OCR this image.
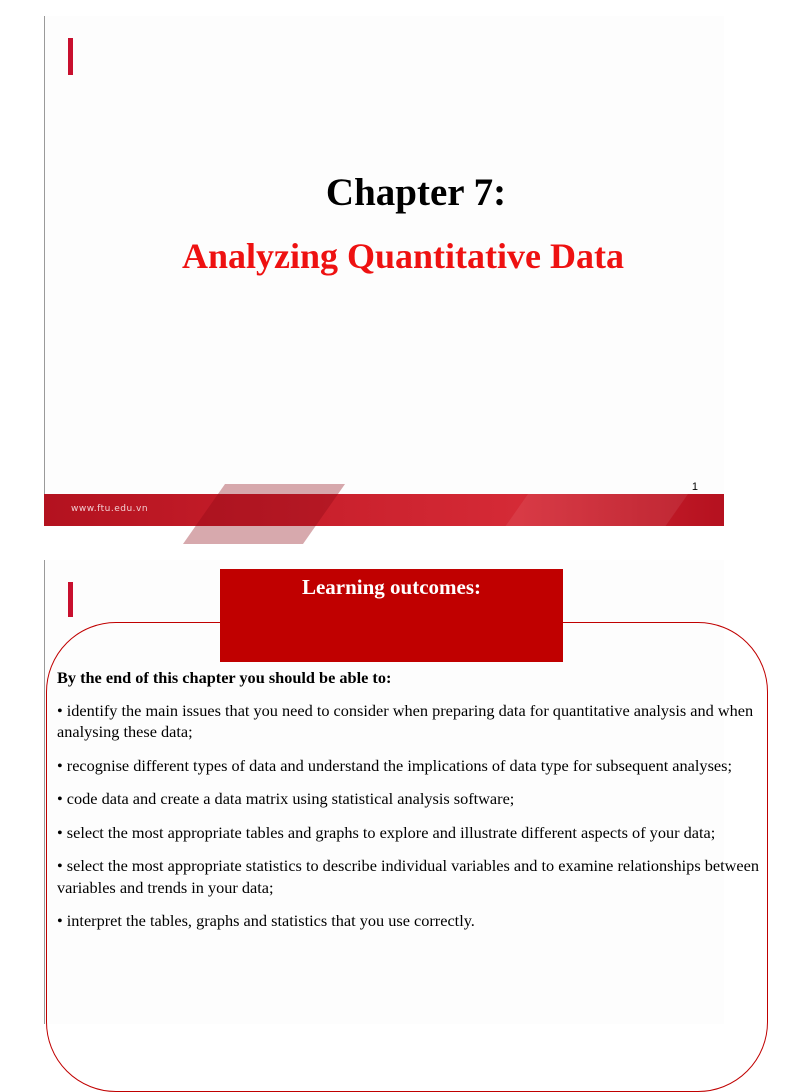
Chapter 7:
Analyzing Quantitative Data
www.ftu.edu.vn
1
Learning outcomes:

By the end of this chapter you should be able to:

• identify the main issues that you need to consider when preparing data for quantitative analysis and when analysing these data;

• recognise different types of data and understand the implications of data type for subsequent analyses;

• code data and create a data matrix using statistical analysis software;

• select the most appropriate tables and graphs to explore and illustrate different aspects of your data;

• select the most appropriate statistics to describe individual variables and to examine relationships between variables and trends in your data;

• interpret the tables, graphs and statistics that you use correctly.
